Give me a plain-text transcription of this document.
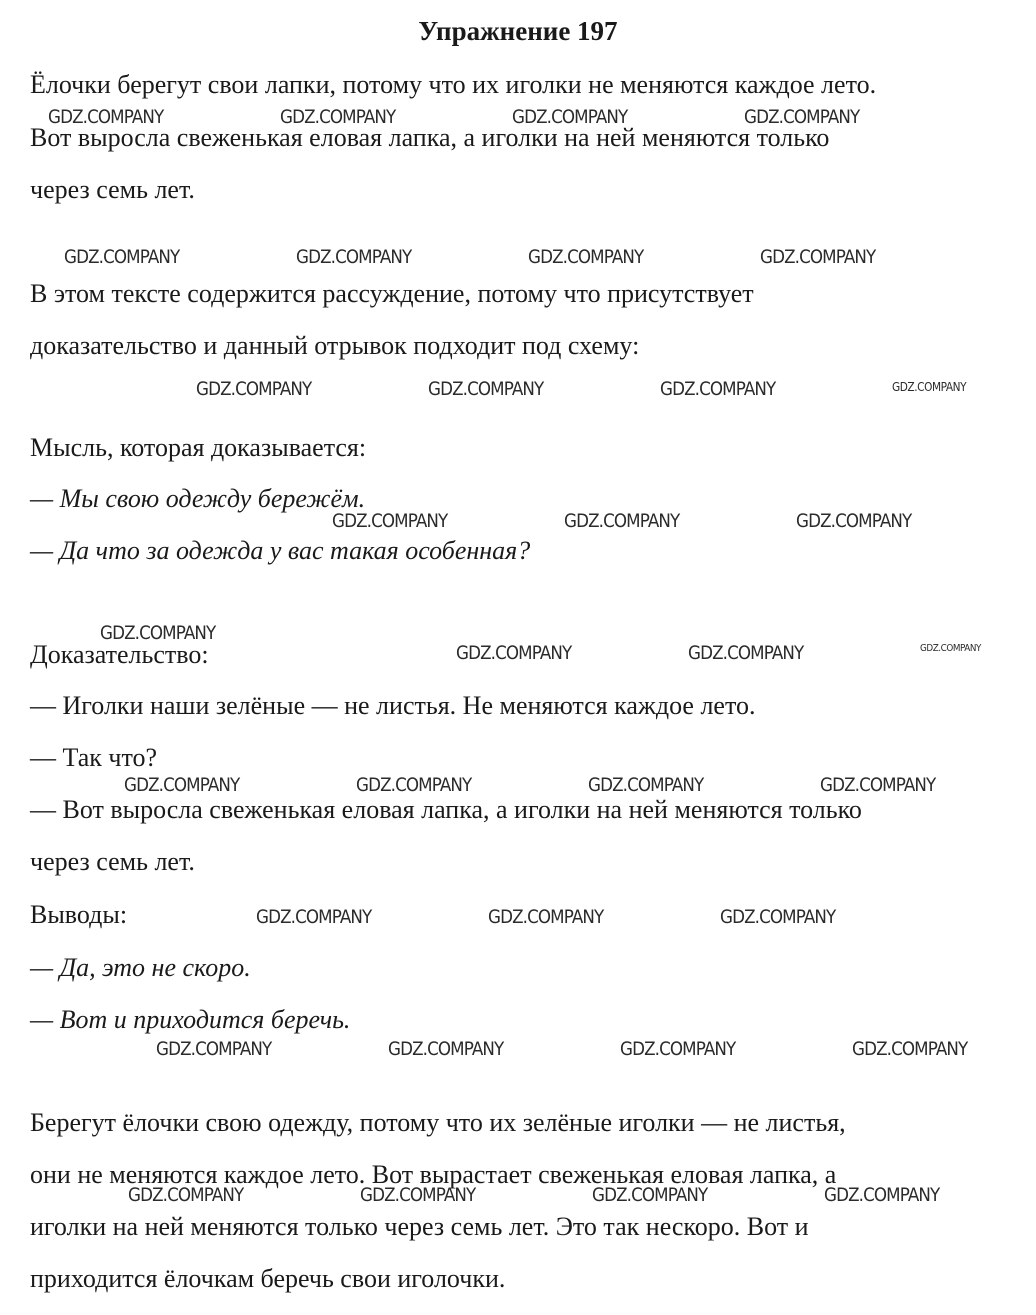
Упражнение 197
Ёлочки берегут свои лапки, потому что их иголки не меняются каждое лето.
Вот выросла свеженькая еловая лапка, а иголки на ней меняются только
через семь лет.
В этом тексте содержится рассуждение, потому что присутствует
доказательство и данный отрывок подходит под схему:
Мысль, которая доказывается:
— Мы свою одежду бережём.
— Да что за одежда у вас такая особенная?
Доказательство:
— Иголки наши зелёные — не листья. Не меняются каждое лето.
— Так что?
— Вот выросла свеженькая еловая лапка, а иголки на ней меняются только
через семь лет.
Выводы:
— Да, это не скоро.
— Вот и приходится беречь.
Берегут ёлочки свою одежду, потому что их зелёные иголки — не листья,
они не меняются каждое лето. Вот вырастает свеженькая еловая лапка, а
иголки на ней меняются только через семь лет. Это так нескоро. Вот и
приходится ёлочкам беречь свои иголочки.
GDZ.COMPANY	GDZ.COMPANY	GDZ.COMPANY	GDZ.COMPANY
GDZ.COMPANY	GDZ.COMPANY	GDZ.COMPANY	GDZ.COMPANY
GDZ.COMPANY	GDZ.COMPANY	GDZ.COMPANY	GDZ.COMPANY
GDZ.COMPANY	GDZ.COMPANY	GDZ.COMPANY
GDZ.COMPANY
GDZ.COMPANY	GDZ.COMPANY	GDZ.COMPANY
GDZ.COMPANY	GDZ.COMPANY	GDZ.COMPANY	GDZ.COMPANY
GDZ.COMPANY	GDZ.COMPANY	GDZ.COMPANY
GDZ.COMPANY	GDZ.COMPANY	GDZ.COMPANY	GDZ.COMPANY
GDZ.COMPANY	GDZ.COMPANY	GDZ.COMPANY	GDZ.COMPANY
